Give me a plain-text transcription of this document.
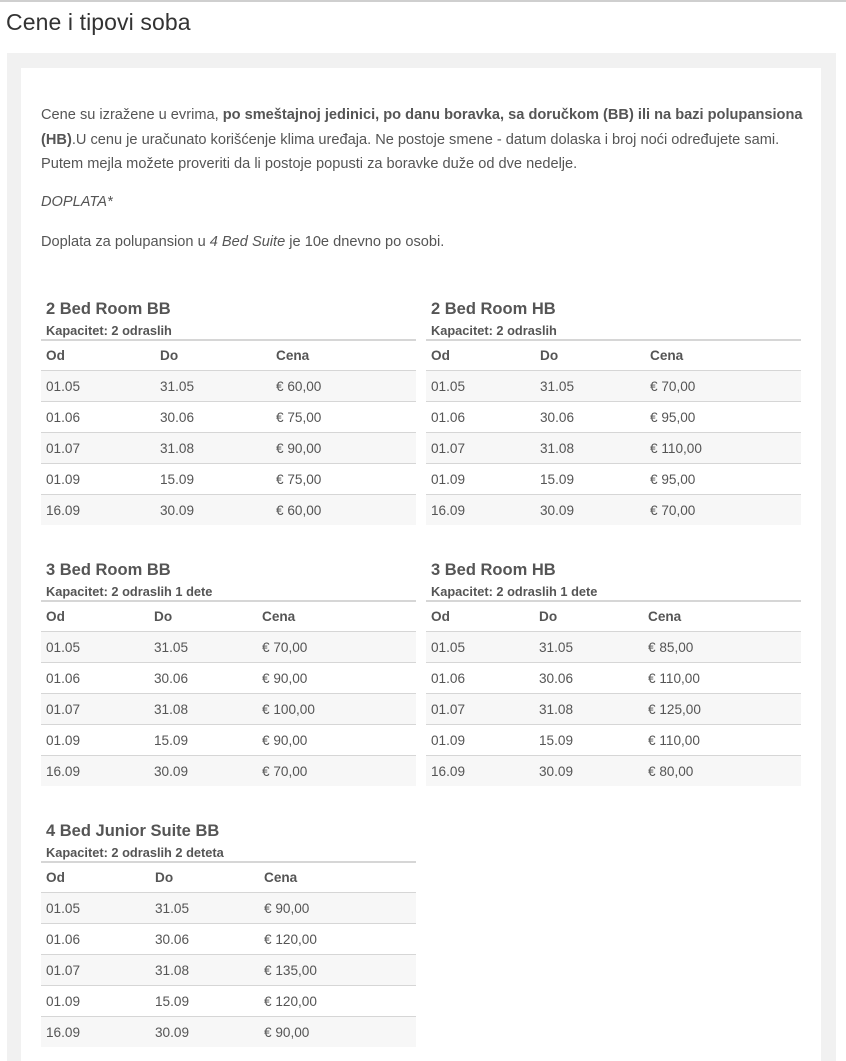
Cene i tipovi soba

Cene su izražene u evrima, po smeštajnoj jedinici, po danu boravka, sa doručkom (BB) ili na bazi polupansiona (HB).U cenu je uračunato korišćenje klima uređaja. Ne postoje smene - datum dolaska i broj noći određujete sami. Putem mejla možete proveriti da li postoje popusti za boravke duže od dve nedelje.

DOPLATA*

Doplata za polupansion u 4 Bed Suite je 10e dnevno po osobi.

2 Bed Room BB
Kapacitet: 2 odraslih
Od	Do	Cena
01.05	31.05	€ 60,00
01.06	30.06	€ 75,00
01.07	31.08	€ 90,00
01.09	15.09	€ 75,00
16.09	30.09	€ 60,00
2 Bed Room HB
Kapacitet: 2 odraslih
Od	Do	Cena
01.05	31.05	€ 70,00
01.06	30.06	€ 95,00
01.07	31.08	€ 110,00
01.09	15.09	€ 95,00
16.09	30.09	€ 70,00
3 Bed Room BB
Kapacitet: 2 odraslih 1 dete
Od	Do	Cena
01.05	31.05	€ 70,00
01.06	30.06	€ 90,00
01.07	31.08	€ 100,00
01.09	15.09	€ 90,00
16.09	30.09	€ 70,00
3 Bed Room HB
Kapacitet: 2 odraslih 1 dete
Od	Do	Cena
01.05	31.05	€ 85,00
01.06	30.06	€ 110,00
01.07	31.08	€ 125,00
01.09	15.09	€ 110,00
16.09	30.09	€ 80,00
4 Bed Junior Suite BB
Kapacitet: 2 odraslih 2 deteta
Od	Do	Cena
01.05	31.05	€ 90,00
01.06	30.06	€ 120,00
01.07	31.08	€ 135,00
01.09	15.09	€ 120,00
16.09	30.09	€ 90,00
